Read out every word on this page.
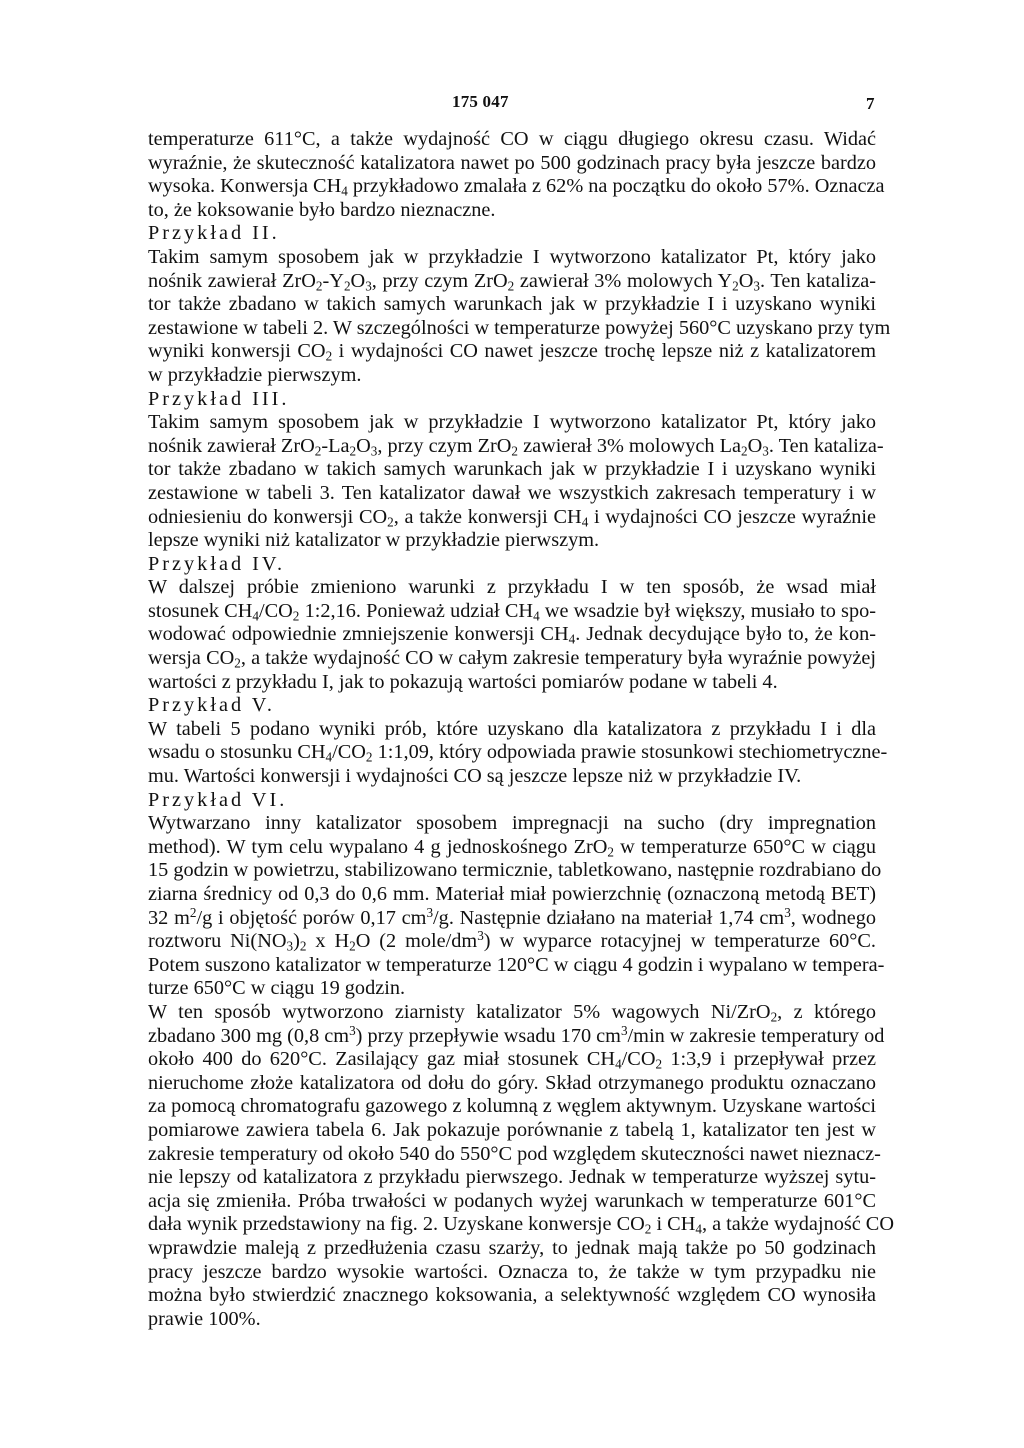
175 047	7

temperaturze 611°C, a także wydajność CO w ciągu długiego okresu czasu. Widać
wyraźnie, że skuteczność katalizatora nawet po 500 godzinach pracy była jeszcze bardzo
wysoka. Konwersja $CH_4$ przykładowo zmalała z 62% na początku do około 57%. Oznacza
to, że koksowanie było bardzo nieznaczne.

Przykład II.

Takim samym sposobem jak w przykładzie I wytworzono katalizator Pt, który jako
nośnik zawierał $ZrO_2-Y_2O_3$, przy czym ZrO$_2$ zawierał 3% molowych $Y_2O_3$. Ten kataliza-
tor także zbadano w takich samych warunkach jak w przykładzie I i uzyskano wyniki
zestawione w tabeli 2. W szczególności w temperaturze powyżej 560°C uzyskano przy tym
wyniki konwersji $CO_2$ i wydajności CO nawet jeszcze trochę lepsze niż z katalizatorem
w przykładzie pierwszym.

Przykład III.

Takim samym sposobem jak w przykładzie I wytworzono katalizator Pt, który jako
nośnik zawierał $ZrO_2-La_2O_3$, przy czym ZrO$_2$ zawierał 3% molowych $La_2O_3$. Ten kataliza-
tor także zbadano w takich samych warunkach jak w przykładzie I i uzyskano wyniki
zestawione w tabeli 3. Ten katalizator dawał we wszystkich zakresach temperatury i w
odniesieniu do konwersji $CO_2$, a także konwersji $CH_4$ i wydajności CO jeszcze wyraźnie
lepsze wyniki niż katalizator w przykładzie pierwszym.

Przykład IV.

W dalszej próbie zmieniono warunki z przykładu I w ten sposób, że wsad miał
stosunek $CH_4/CO_2$ 1:2,16. Ponieważ udział $CH_4$ we wsadzie był większy, musiało to spo-
wodować odpowiednie zmniejszenie konwersji $CH_4$. Jednak decydujące było to, że kon-
wersja $CO_2$, a także wydajność CO w całym zakresie temperatury była wyraźnie powyżej
wartości z przykładu I, jak to pokazują wartości pomiarów podane w tabeli 4.

Przykład V.

W tabeli 5 podano wyniki prób, które uzyskano dla katalizatora z przykładu I i dla
wsadu o stosunku $CH_4/CO_2$ 1:1,09, który odpowiada prawie stosunkowi stechiometryczne-
mu. Wartości konwersji i wydajności CO są jeszcze lepsze niż w przykładzie IV.

Przykład VI.

Wytwarzano inny katalizator sposobem impregnacji na sucho (dry impregnation
method). W tym celu wypalano 4 g jednoskośnego ZrO$_2$ w temperaturze 650°C w ciągu
15 godzin w powietrzu, stabilizowano termicznie, tabletkowano, następnie rozdrabiano do
ziarna średnicy od 0,3 do 0,6 mm. Materiał miał powierzchnię (oznaczoną metodą BET)
32 $m^2/g$ i objętość porów 0,17 $cm^3/g$. Następnie działano na materiał 1,74 $cm^3$, wodnego
roztworu $Ni(NO_3)_2$ x $H_2O$ (2 mole/$dm^3$) w wyparce rotacyjnej w temperaturze 60°C.
Potem suszono katalizator w temperaturze 120°C w ciągu 4 godzin i wypalano w tempera-
turze 650°C w ciągu 19 godzin.

W ten sposób wytworzono ziarnisty katalizator 5% wagowych Ni/ZrO$_2$, z którego
zbadano 300 mg (0,8 $cm^3$) przy przepływie wsadu 170 $cm^3/\min$ w zakresie temperatury od
około 400 do 620°C. Zasilający gaz miał stosunek $CH_4/CO_2$ 1:3,9 i przepływał przez
nieruchome złoże katalizatora od dołu do góry. Skład otrzymanego produktu oznaczano
za pomocą chromatografu gazowego z kolumną z węglem aktywnym. Uzyskane wartości
pomiarowe zawiera tabela 6. Jak pokazuje porównanie z tabelą 1, katalizator ten jest w
zakresie temperatury od około 540 do 550°C pod względem skuteczności nawet nieznacz-
nie lepszy od katalizatora z przykładu pierwszego. Jednak w temperaturze wyższej sytu-
acja się zmieniła. Próba trwałości w podanych wyżej warunkach w temperaturze 601°C
dała wynik przedstawiony na fig. 2. Uzyskane konwersje $CO_2$ i $CH_4$, a także wydajność CO
wprawdzie maleją z przedłużenia czasu szarży, to jednak mają także po 50 godzinach
pracy jeszcze bardzo wysokie wartości. Oznacza to, że także w tym przypadku nie
można było stwierdzić znacznego koksowania, a selektywność względem CO wynosiła
prawie 100%.
